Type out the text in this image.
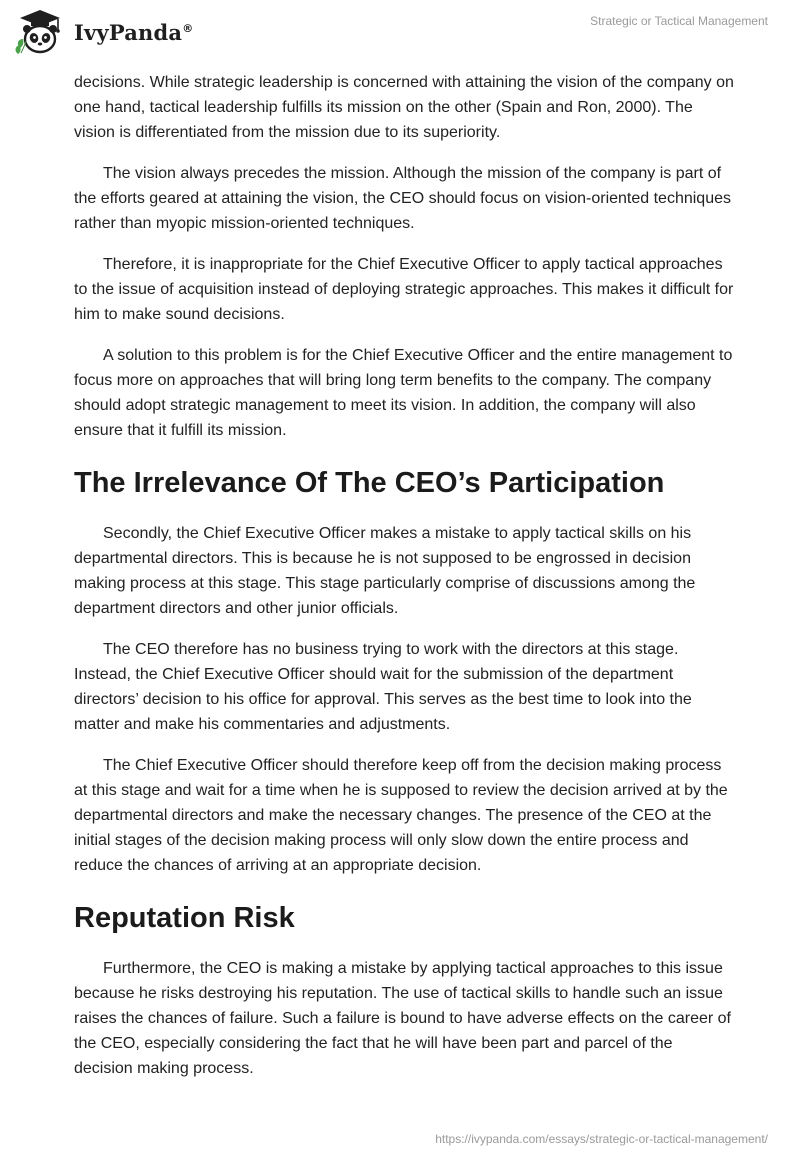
IvyPanda®	Strategic or Tactical Management

decisions. While strategic leadership is concerned with attaining the vision of the company on one hand, tactical leadership fulfills its mission on the other (Spain and Ron, 2000). The vision is differentiated from the mission due to its superiority.

The vision always precedes the mission. Although the mission of the company is part of the efforts geared at attaining the vision, the CEO should focus on vision-oriented techniques rather than myopic mission-oriented techniques.

Therefore, it is inappropriate for the Chief Executive Officer to apply tactical approaches to the issue of acquisition instead of deploying strategic approaches. This makes it difficult for him to make sound decisions.

A solution to this problem is for the Chief Executive Officer and the entire management to focus more on approaches that will bring long term benefits to the company. The company should adopt strategic management to meet its vision. In addition, the company will also ensure that it fulfill its mission.

The Irrelevance Of The CEO’s Participation

Secondly, the Chief Executive Officer makes a mistake to apply tactical skills on his departmental directors. This is because he is not supposed to be engrossed in decision making process at this stage. This stage particularly comprise of discussions among the department directors and other junior officials.

The CEO therefore has no business trying to work with the directors at this stage. Instead, the Chief Executive Officer should wait for the submission of the department directors’ decision to his office for approval. This serves as the best time to look into the matter and make his commentaries and adjustments.

The Chief Executive Officer should therefore keep off from the decision making process at this stage and wait for a time when he is supposed to review the decision arrived at by the departmental directors and make the necessary changes. The presence of the CEO at the initial stages of the decision making process will only slow down the entire process and reduce the chances of arriving at an appropriate decision.

Reputation Risk

Furthermore, the CEO is making a mistake by applying tactical approaches to this issue because he risks destroying his reputation. The use of tactical skills to handle such an issue raises the chances of failure. Such a failure is bound to have adverse effects on the career of the CEO, especially considering the fact that he will have been part and parcel of the decision making process.

https://ivypanda.com/essays/strategic-or-tactical-management/
